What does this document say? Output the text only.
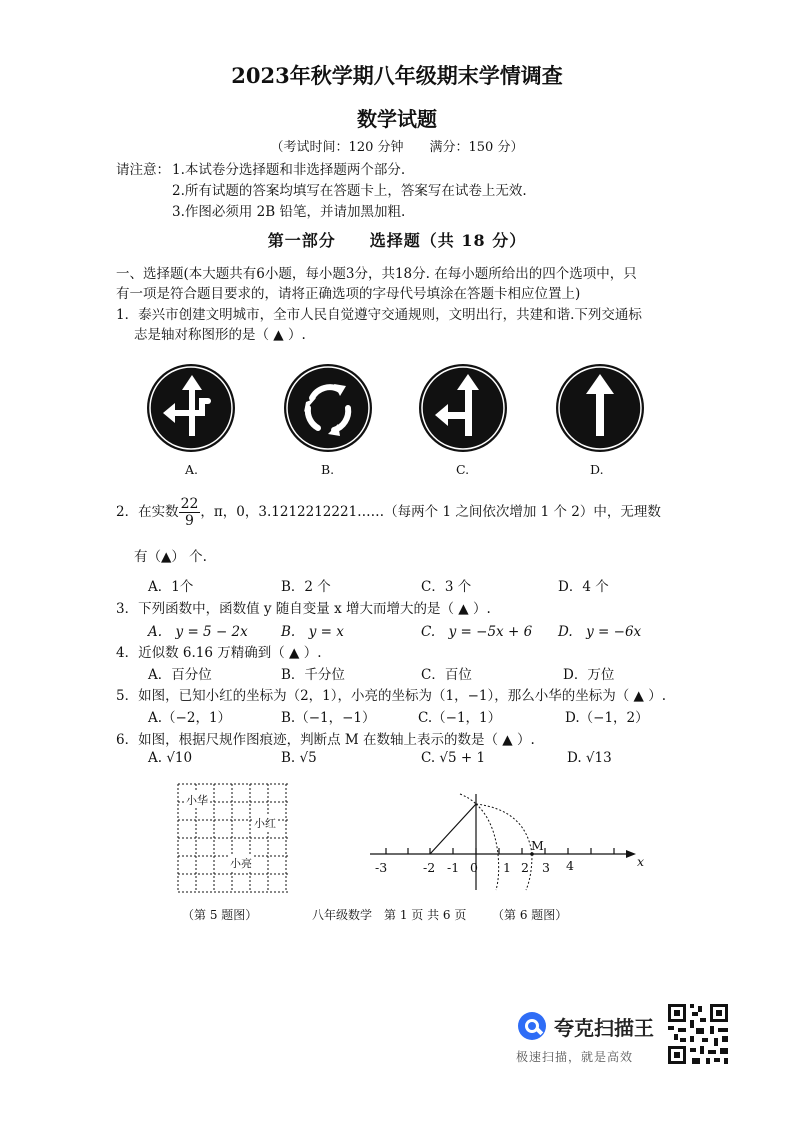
2023年秋学期八年级期末学情调查
数学试题
（考试时间：120 分钟　　满分：150 分）
请注意： 1.本试卷分选择题和非选择题两个部分.
2.所有试题的答案均填写在答题卡上，答案写在试卷上无效.
3.作图必须用 2B 铅笔，并请加黑加粗.
第一部分　　选择题（共 18 分）
一、选择题(本大题共有6小题，每小题3分，共18分. 在每小题所给出的四个选项中，只
有一项是符合题目要求的，请将正确选项的字母代号填涂在答题卡相应位置上)
1．泰兴市创建文明城市，全市人民自觉遵守交通规则，文明出行，共建和谐.下列交通标
志是轴对称图形的是（ ▲ ）.
A.	B.	C.	D.
2．在实数 $\frac{22}{9}$ ，π，0，3.1212212221……（每两个 1 之间依次增加 1 个 2）中，无理数
有（▲） 个.
A．1个	B．2 个	C．3 个	D．4 个
3．下列函数中，函数值 y 随自变量 x 增大而增大的是（ ▲ ）.
A.　y = 5 − 2x B.　y = x	C.　y = −5x + 6 D.　y = −6x
4．近似数 6.16 万精确到（ ▲ ）.
A．百分位	B．千分位	C．百位	D．万位
5．如图，已知小红的坐标为（2，1），小亮的坐标为（1，−1），那么小华的坐标为（ ▲ ）.
A.（−2，1）	B.（−1，−1）	C.（−1，1）	D.（−1，2）
6．如图，根据尺规作图痕迹，判断点 M 在数轴上表示的数是（ ▲ ）.
A. √10	B. √5	C. √5 + 1	D. √13
小华
小红
小亮	-3	-2 -1 0 1 2 3 4
M
x
（第 5 题图）	八年级数学　第 1 页 共 6 页 （第 6 题图）
夸克扫描王
极速扫描，就是高效
